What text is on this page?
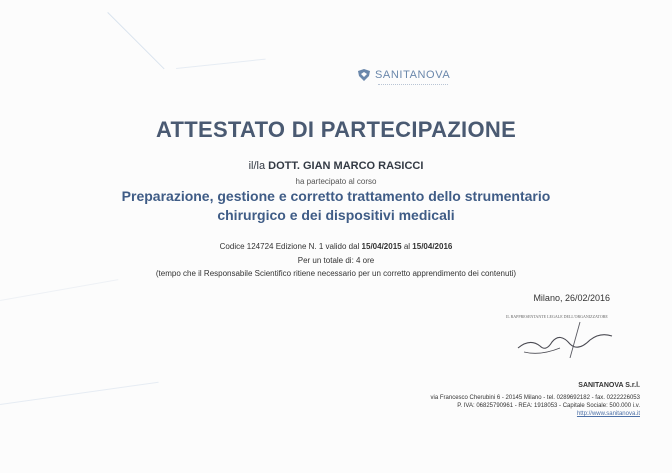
SANITANOVA
ATTESTATO DI PARTECIPAZIONE
il/la DOTT. GIAN MARCO RASICCI
ha partecipato al corso
Preparazione, gestione e corretto trattamento dello strumentario
chirurgico e dei dispositivi medicali
Codice 124724 Edizione N. 1 valido dal 15/04/2015 al 15/04/2016
Per un totale di: 4 ore
(tempo che il Responsabile Scientifico ritiene necessario per un corretto apprendimento dei contenuti)
Milano, 26/02/2016
IL RAPPRESENTANTE LEGALE DELL'ORGANIZZATORE
SANITANOVA S.r.l.
via Francesco Cherubini 6 - 20145 Milano - tel. 0289692182 - fax. 0222226053
P. IVA: 06825790961 - REA: 1918053 - Capitale Sociale: 500.000 i.v.
http://www.sanitanova.it
